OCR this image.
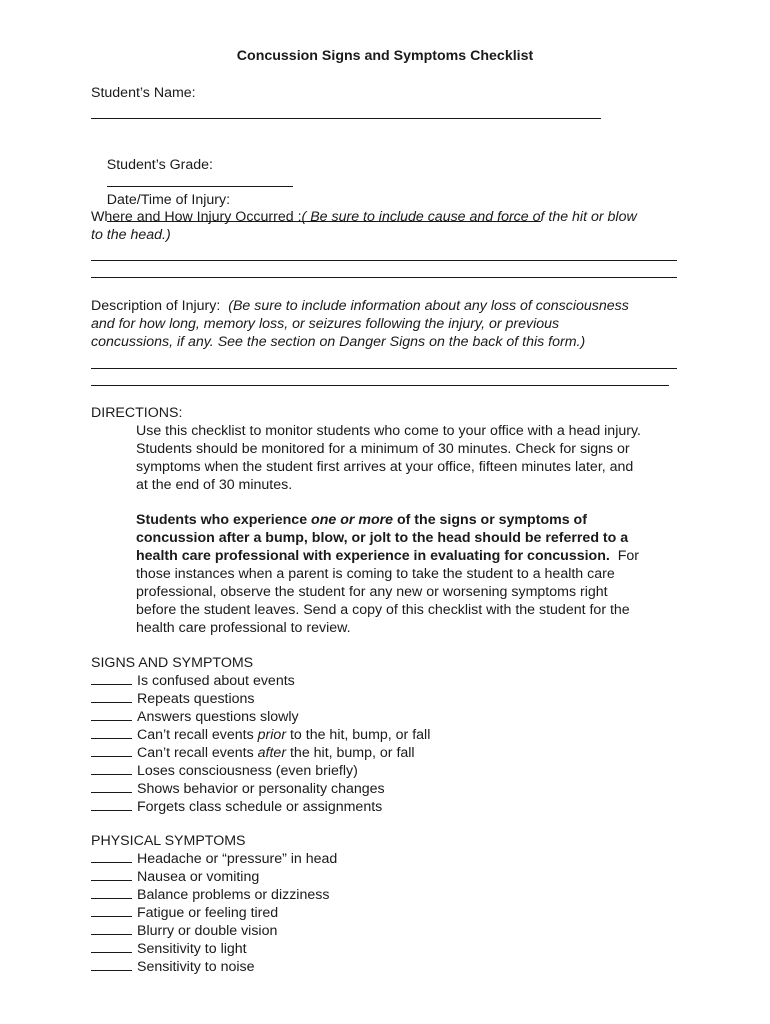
Concussion Signs and Symptoms Checklist
Student’s Name:

Student’s Grade:

Date/Time of Injury:

Where and How Injury Occurred :( Be sure to include cause and force of the hit or blow
to the head.)
Description of Injury: (Be sure to include information about any loss of consciousness
and for how long, memory loss, or seizures following the injury, or previous
concussions, if any. See the section on Danger Signs on the back of this form.)
DIRECTIONS:
Use this checklist to monitor students who come to your office with a head injury.
Students should be monitored for a minimum of 30 minutes. Check for signs or
symptoms when the student first arrives at your office, fifteen minutes later, and
at the end of 30 minutes.
Students who experience one or more of the signs or symptoms of
concussion after a bump, blow, or jolt to the head should be referred to a
health care professional with experience in evaluating for concussion.  For
those instances when a parent is coming to take the student to a health care
professional, observe the student for any new or worsening symptoms right
before the student leaves. Send a copy of this checklist with the student for the
health care professional to review.
SIGNS AND SYMPTOMS
Is confused about events
Repeats questions
Answers questions slowly
Can’t recall events prior to the hit, bump, or fall
Can’t recall events after the hit, bump, or fall
Loses consciousness (even briefly)
Shows behavior or personality changes
Forgets class schedule or assignments
PHYSICAL SYMPTOMS
Headache or “pressure” in head
Nausea or vomiting
Balance problems or dizziness
Fatigue or feeling tired
Blurry or double vision
Sensitivity to light
Sensitivity to noise
